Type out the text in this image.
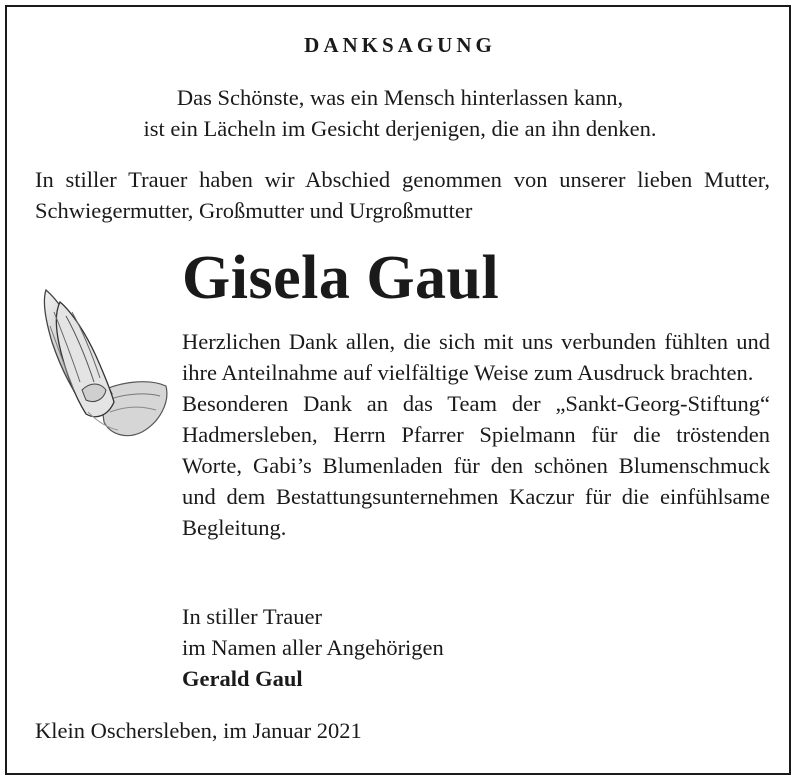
DANKSAGUNG
Das Schönste, was ein Mensch hinterlassen kann,
ist ein Lächeln im Gesicht derjenigen, die an ihn denken.
In stiller Trauer haben wir Abschied genommen von unserer lieben Mutter, Schwiegermutter, Großmutter und Urgroßmutter
Gisela Gaul

Herzlichen Dank allen, die sich mit uns verbunden fühlten und ihre Anteilnahme auf vielfältige Weise zum Ausdruck brachten.

Besonderen Dank an das Team der „Sankt-Georg-Stiftung“ Hadmersleben, Herrn Pfarrer Spielmann für die tröstenden Worte, Gabi’s Blumenladen für den schönen Blumenschmuck und dem Bestattungsunternehmen Kaczur für die einfühlsame Begleitung.

In stiller Trauer
im Namen aller Angehörigen
Gerald Gaul
Klein Oschersleben, im Januar 2021
